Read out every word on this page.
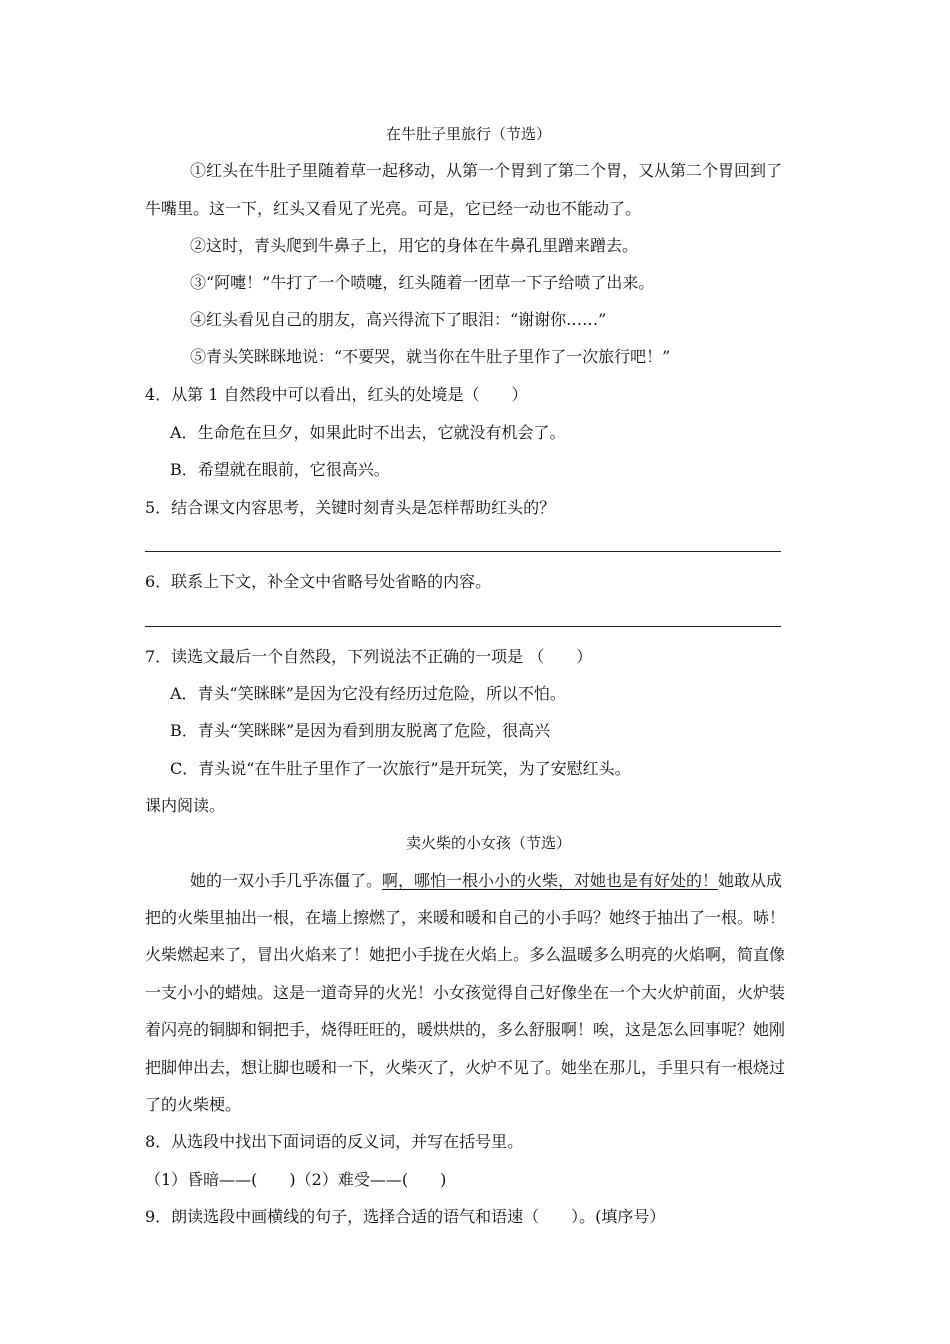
在牛肚子里旅行（节选）
①红头在牛肚子里随着草一起移动，从第一个胃到了第二个胃，又从第二个胃回到了
牛嘴里。这一下，红头又看见了光亮。可是，它已经一动也不能动了。
②这时，青头爬到牛鼻子上，用它的身体在牛鼻孔里蹭来蹭去。
③“阿嚏！”牛打了一个喷嚏，红头随着一团草一下子给喷了出来。
④红头看见自己的朋友，高兴得流下了眼泪：“谢谢你……”
⑤青头笑眯眯地说：“不要哭，就当你在牛肚子里作了一次旅行吧！”
4．从第 1 自然段中可以看出，红头的处境是（　　）
A．生命危在旦夕，如果此时不出去，它就没有机会了。
B．希望就在眼前，它很高兴。
5．结合课文内容思考，关键时刻青头是怎样帮助红头的？
6．联系上下文，补全文中省略号处省略的内容。
7．读选文最后一个自然段，下列说法不正确的一项是 （　　）
A．青头“笑眯眯”是因为它没有经历过危险，所以不怕。
B．青头“笑眯眯”是因为看到朋友脱离了危险，很高兴
C．青头说“在牛肚子里作了一次旅行”是开玩笑，为了安慰红头。
课内阅读。
卖火柴的小女孩（节选）
她的一双小手几乎冻僵了。啊，哪怕一根小小的火柴，对她也是有好处的！她敢从成
把的火柴里抽出一根，在墙上擦燃了，来暖和暖和自己的小手吗？她终于抽出了一根。哧！
火柴燃起来了，冒出火焰来了！她把小手拢在火焰上。多么温暖多么明亮的火焰啊，简直像
一支小小的蜡烛。这是一道奇异的火光！小女孩觉得自己好像坐在一个大火炉前面，火炉装
着闪亮的铜脚和铜把手，烧得旺旺的，暖烘烘的，多么舒服啊！唉，这是怎么回事呢？她刚
把脚伸出去，想让脚也暖和一下，火柴灭了，火炉不见了。她坐在那儿，手里只有一根烧过
了的火柴梗。
8．从选段中找出下面词语的反义词，并写在括号里。
（1）昏暗——(　　)（2）难受——(　　)
9．朗读选段中画横线的句子，选择合适的语气和语速（　　）。(填序号）
